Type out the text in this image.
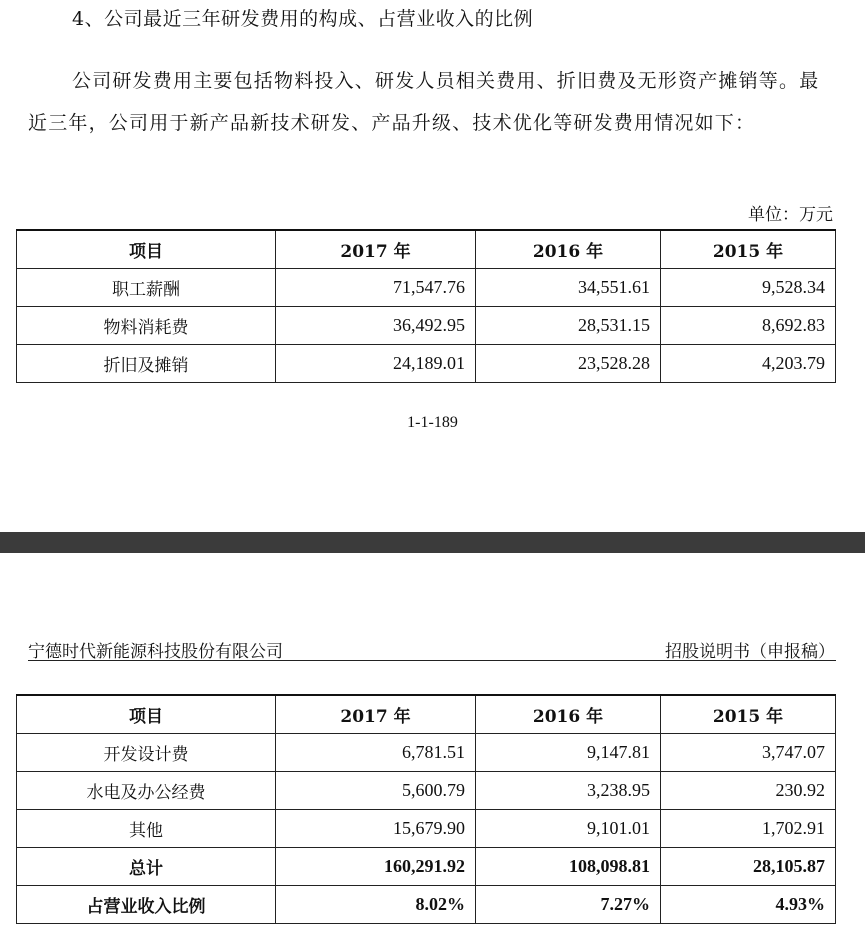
4、公司最近三年研发费用的构成、占营业收入的比例
公司研发费用主要包括物料投入、研发人员相关费用、折旧费及无形资产摊销等。最近三年，公司用于新产品新技术研发、产品升级、技术优化等研发费用情况如下：
单位：万元
项目	2017 年	2016 年	2015 年
职工薪酬	71,547.76	34,551.61	9,528.34
物料消耗费	36,492.95	28,531.15	8,692.83
折旧及摊销	24,189.01	23,528.28	4,203.79
1-1-189
宁德时代新能源科技股份有限公司	招股说明书（申报稿）
项目	2017 年	2016 年	2015 年
开发设计费	6,781.51	9,147.81	3,747.07
水电及办公经费	5,600.79	3,238.95	230.92
其他	15,679.90	9,101.01	1,702.91
总计	160,291.92	108,098.81	28,105.87
占营业收入比例	8.02%	7.27%	4.93%
